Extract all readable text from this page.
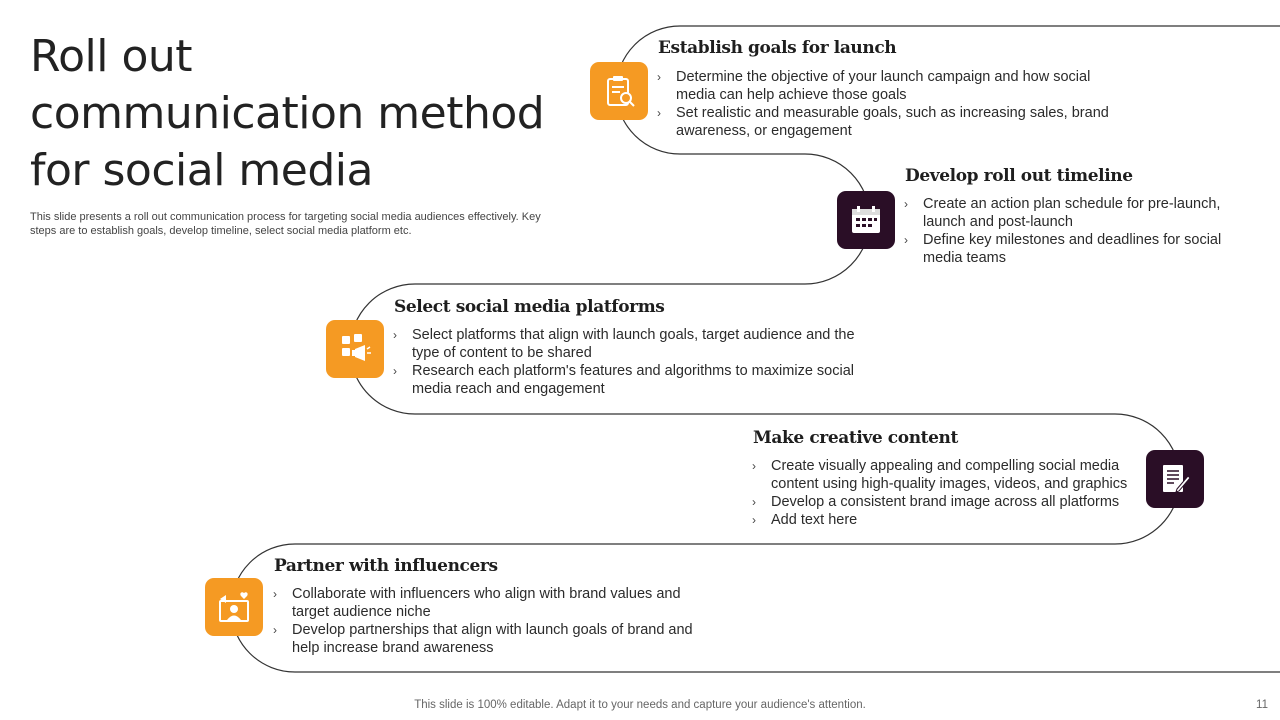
Roll out
communication method
for social media
This slide presents a roll out communication process for targeting social media audiences effectively. Key steps are to establish goals, develop timeline, select social media platform etc.
Establish goals for launch
› Determine the objective of your launch campaign and how social media can help achieve those goals
› Set realistic and measurable goals, such as increasing sales, brand awareness, or engagement
Develop roll out timeline
› Create an action plan schedule for pre-launch, launch and post-launch
› Define key milestones and deadlines for social media teams
Select social media platforms
› Select platforms that align with launch goals, target audience and the type of content to be shared
› Research each platform's features and algorithms to maximize social media reach and engagement
Make creative content
› Create visually appealing and compelling social media content using high-quality images, videos, and graphics
› Develop a consistent brand image across all platforms
› Add text here
Partner with influencers
› Collaborate with influencers who align with brand values and target audience niche
› Develop partnerships that align with launch goals of brand and help increase brand awareness
This slide is 100% editable. Adapt it to your needs and capture your audience's attention.	11
